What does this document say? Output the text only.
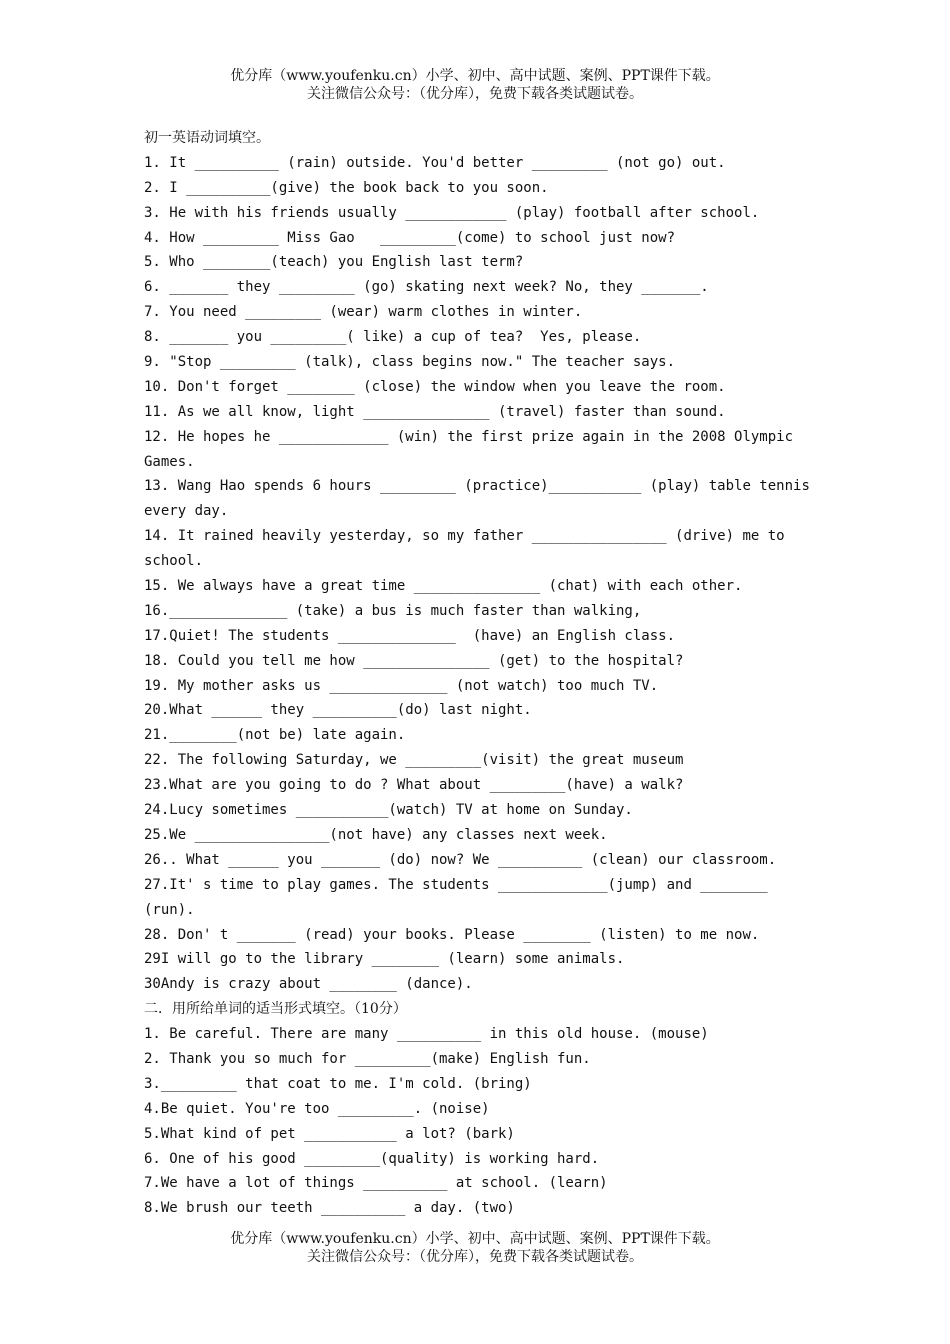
优分库（www.youfenku.cn）小学、初中、高中试题、案例、PPT课件下载。
关注微信公众号：（优分库），免费下载各类试题试卷。
初一英语动词填空。
1. It __________ (rain) outside. You'd better _________ (not go) out.
2. I __________(give) the book back to you soon.
3. He with his friends usually ____________ (play) football after school.
4. How _________ Miss Gao   _________(come) to school just now?
5. Who ________(teach) you English last term?
6. _______ they _________ (go) skating next week? No, they _______.
7. You need _________ (wear) warm clothes in winter.
8. _______ you _________( like) a cup of tea?  Yes, please.
9. "Stop _________ (talk), class begins now." The teacher says.
10. Don't forget ________ (close) the window when you leave the room.
11. As we all know, light _______________ (travel) faster than sound.
12. He hopes he _____________ (win) the first prize again in the 2008 Olympic
Games.
13. Wang Hao spends 6 hours _________ (practice)___________ (play) table tennis
every day.
14. It rained heavily yesterday, so my father ________________ (drive) me to
school.
15. We always have a great time _______________ (chat) with each other.
16.______________ (take) a bus is much faster than walking,
17.Quiet! The students ______________  (have) an English class.
18. Could you tell me how _______________ (get) to the hospital?
19. My mother asks us ______________ (not watch) too much TV.
20.What ______ they __________(do) last night.
21.________(not be) late again.
22. The following Saturday, we _________(visit) the great museum
23.What are you going to do ? What about _________(have) a walk?
24.Lucy sometimes ___________(watch) TV at home on Sunday.
25.We ________________(not have) any classes next week.
26.. What ______ you _______ (do) now? We __________ (clean) our classroom.
27.It' s time to play games. The students _____________(jump) and ________
(run).
28. Don' t _______ (read) your books. Please ________ (listen) to me now.
29I will go to the library ________ (learn) some animals.
30Andy is crazy about ________ (dance).
二．用所给单词的适当形式填空。（10分）
1. Be careful. There are many __________ in this old house. (mouse)
2. Thank you so much for _________(make) English fun.
3._________ that coat to me. I'm cold. (bring)
4.Be quiet. You're too _________. (noise)
5.What kind of pet ___________ a lot? (bark)
6. One of his good _________(quality) is working hard.
7.We have a lot of things __________ at school. (learn)
8.We brush our teeth __________ a day. (two)
优分库（www.youfenku.cn）小学、初中、高中试题、案例、PPT课件下载。
关注微信公众号：（优分库），免费下载各类试题试卷。
